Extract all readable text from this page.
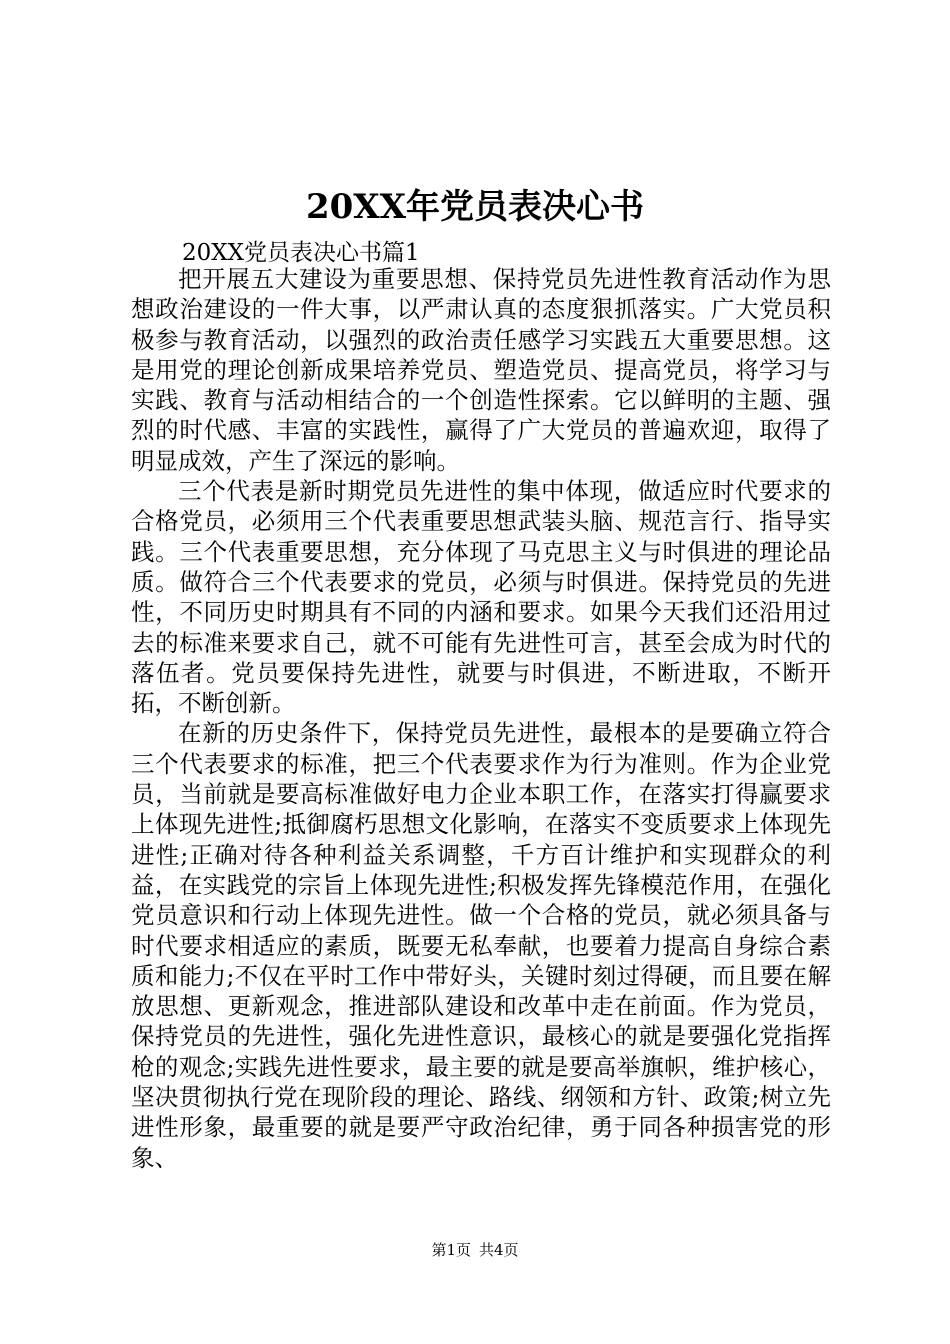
20XX年党员表决心书
20XX党员表决心书篇1

把开展五大建设为重要思想、保持党员先进性教育活动作为思想政治建设的一件大事，以严肃认真的态度狠抓落实。广大党员积极参与教育活动，以强烈的政治责任感学习实践五大重要思想。这是用党的理论创新成果培养党员、塑造党员、提高党员，将学习与实践、教育与活动相结合的一个创造性探索。它以鲜明的主题、强烈的时代感、丰富的实践性，赢得了广大党员的普遍欢迎，取得了明显成效，产生了深远的影响。

三个代表是新时期党员先进性的集中体现，做适应时代要求的合格党员，必须用三个代表重要思想武装头脑、规范言行、指导实践。三个代表重要思想，充分体现了马克思主义与时俱进的理论品质。做符合三个代表要求的党员，必须与时俱进。保持党员的先进性，不同历史时期具有不同的内涵和要求。如果今天我们还沿用过去的标准来要求自己，就不可能有先进性可言，甚至会成为时代的落伍者。党员要保持先进性，就要与时俱进，不断进取，不断开拓，不断创新。

在新的历史条件下，保持党员先进性，最根本的是要确立符合三个代表要求的标准，把三个代表要求作为行为准则。作为企业党员，当前就是要高标准做好电力企业本职工作，在落实打得赢要求上体现先进性;抵御腐朽思想文化影响，在落实不变质要求上体现先进性;正确对待各种利益关系调整，千方百计维护和实现群众的利益，在实践党的宗旨上体现先进性;积极发挥先锋模范作用，在强化党员意识和行动上体现先进性。做一个合格的党员，就必须具备与时代要求相适应的素质，既要无私奉献，也要着力提高自身综合素质和能力;不仅在平时工作中带好头，关键时刻过得硬，而且要在解放思想、更新观念，推进部队建设和改革中走在前面。作为党员，保持党员的先进性，强化先进性意识，最核心的就是要强化党指挥枪的观念;实践先进性要求，最主要的就是要高举旗帜，维护核心，坚决贯彻执行党在现阶段的理论、路线、纲领和方针、政策;树立先进性形象，最重要的就是要严守政治纪律，勇于同各种损害党的形象、

第1页 共4页
